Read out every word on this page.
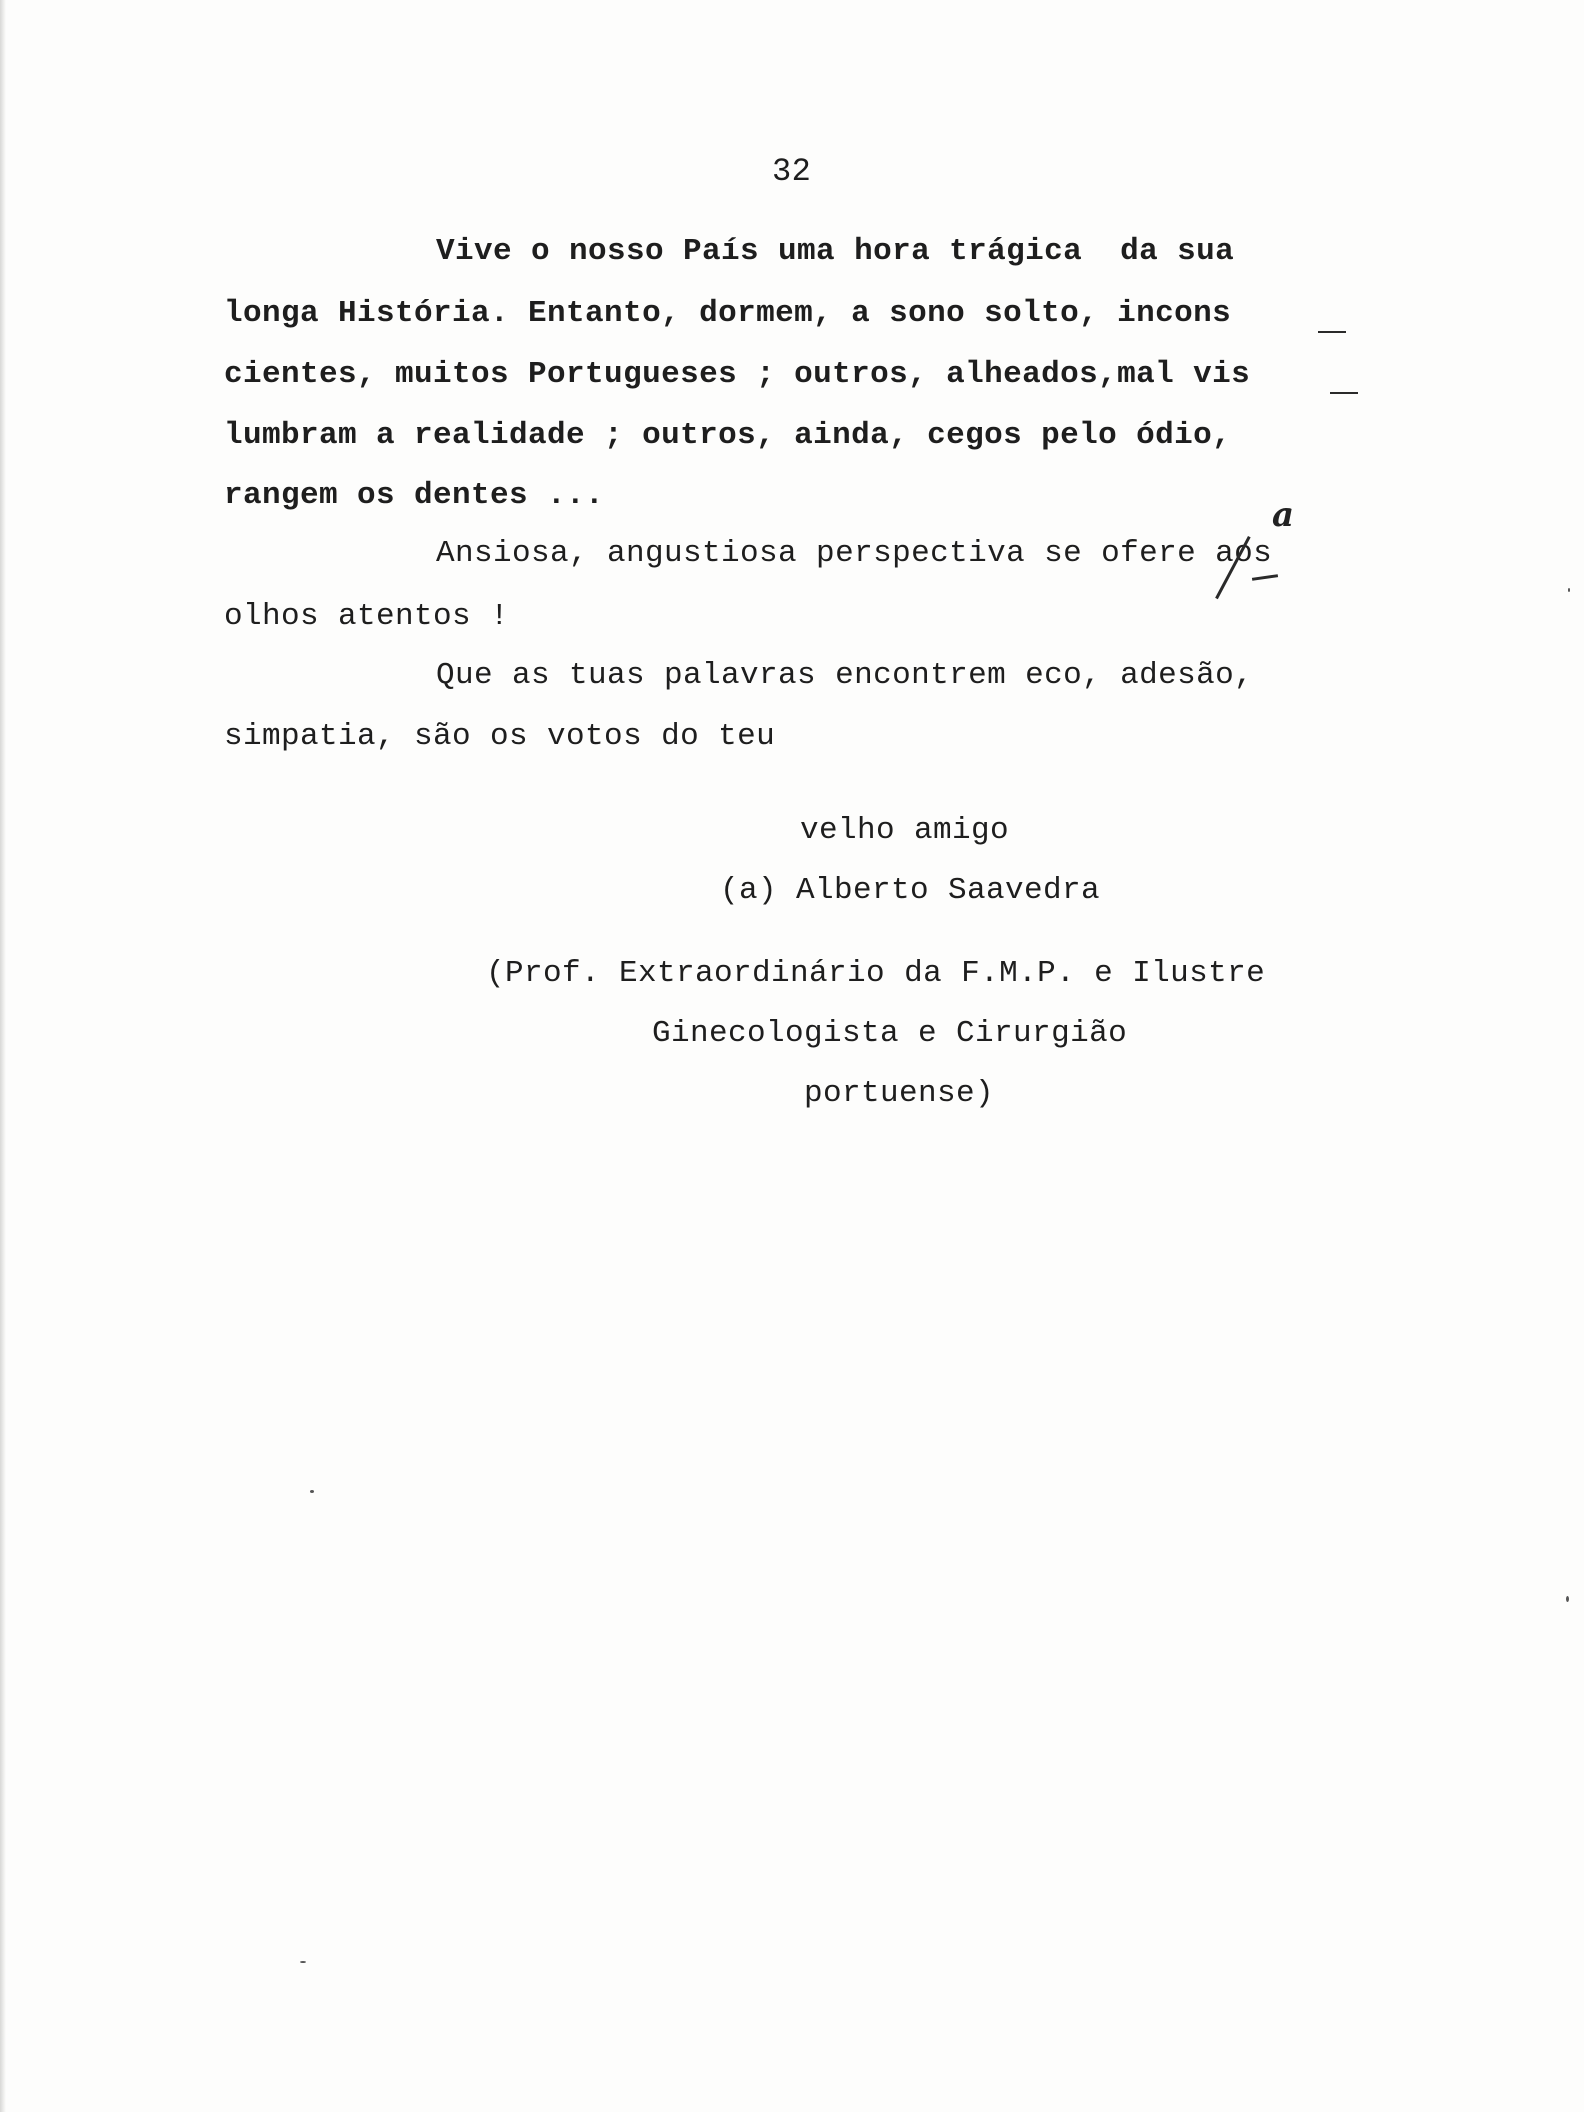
32
Vive o nosso País uma hora trágica  da sua
longa História. Entanto, dormem, a sono solto, incons
cientes, muitos Portugueses ; outros, alheados,mal vis
lumbram a realidade ; outros, ainda, cegos pelo ódio,
rangem os dentes ...
Ansiosa, angustiosa perspectiva se ofere aos
olhos atentos !
a
Que as tuas palavras encontrem eco, adesão,
simpatia, são os votos do teu
velho amigo
(a) Alberto Saavedra
(Prof. Extraordinário da F.M.P. e Ilustre
Ginecologista e Cirurgião
portuense)
